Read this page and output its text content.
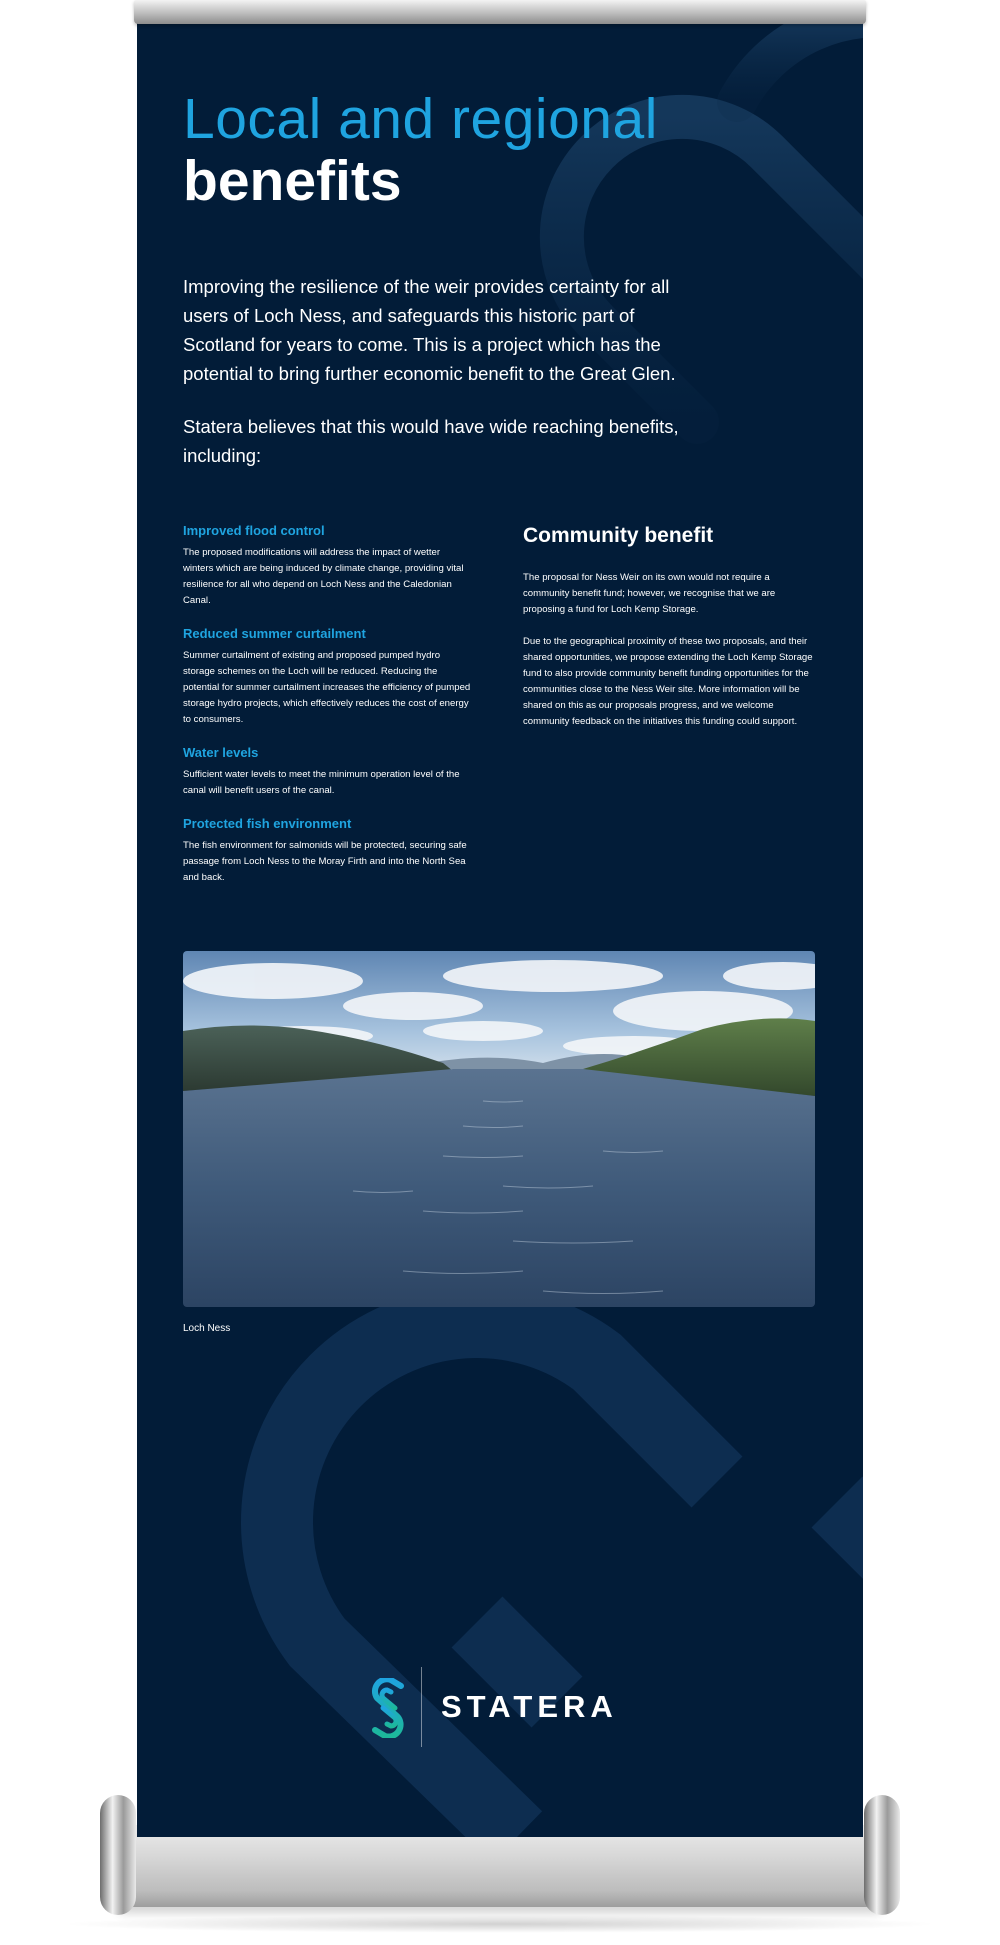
Local and regional
benefits

Improving the resilience of the weir provides certainty for all users of Loch Ness, and safeguards this historic part of Scotland for years to come. This is a project which has the potential to bring further economic benefit to the Great Glen.

Statera believes that this would have wide reaching benefits, including:

Improved flood control
The proposed modifications will address the impact of wetter winters which are being induced by climate change, providing vital resilience for all who depend on Loch Ness and the Caledonian Canal.
Reduced summer curtailment
Summer curtailment of existing and proposed pumped hydro storage schemes on the Loch will be reduced. Reducing the potential for summer curtailment increases the efficiency of pumped storage hydro projects, which effectively reduces the cost of energy to consumers.
Water levels
Sufficient water levels to meet the minimum operation level of the canal will benefit users of the canal.
Protected fish environment
The fish environment for salmonids will be protected, securing safe passage from Loch Ness to the Moray Firth and into the North Sea and back.
Community benefit

The proposal for Ness Weir on its own would not require a community benefit fund; however, we recognise that we are proposing a fund for Loch Kemp Storage.

Due to the geographical proximity of these two proposals, and their shared opportunities, we propose extending the Loch Kemp Storage fund to also provide community benefit funding opportunities for the communities close to the Ness Weir site. More information will be shared on this as our proposals progress, and we welcome community feedback on the initiatives this funding could support.

Loch Ness
STATERA
